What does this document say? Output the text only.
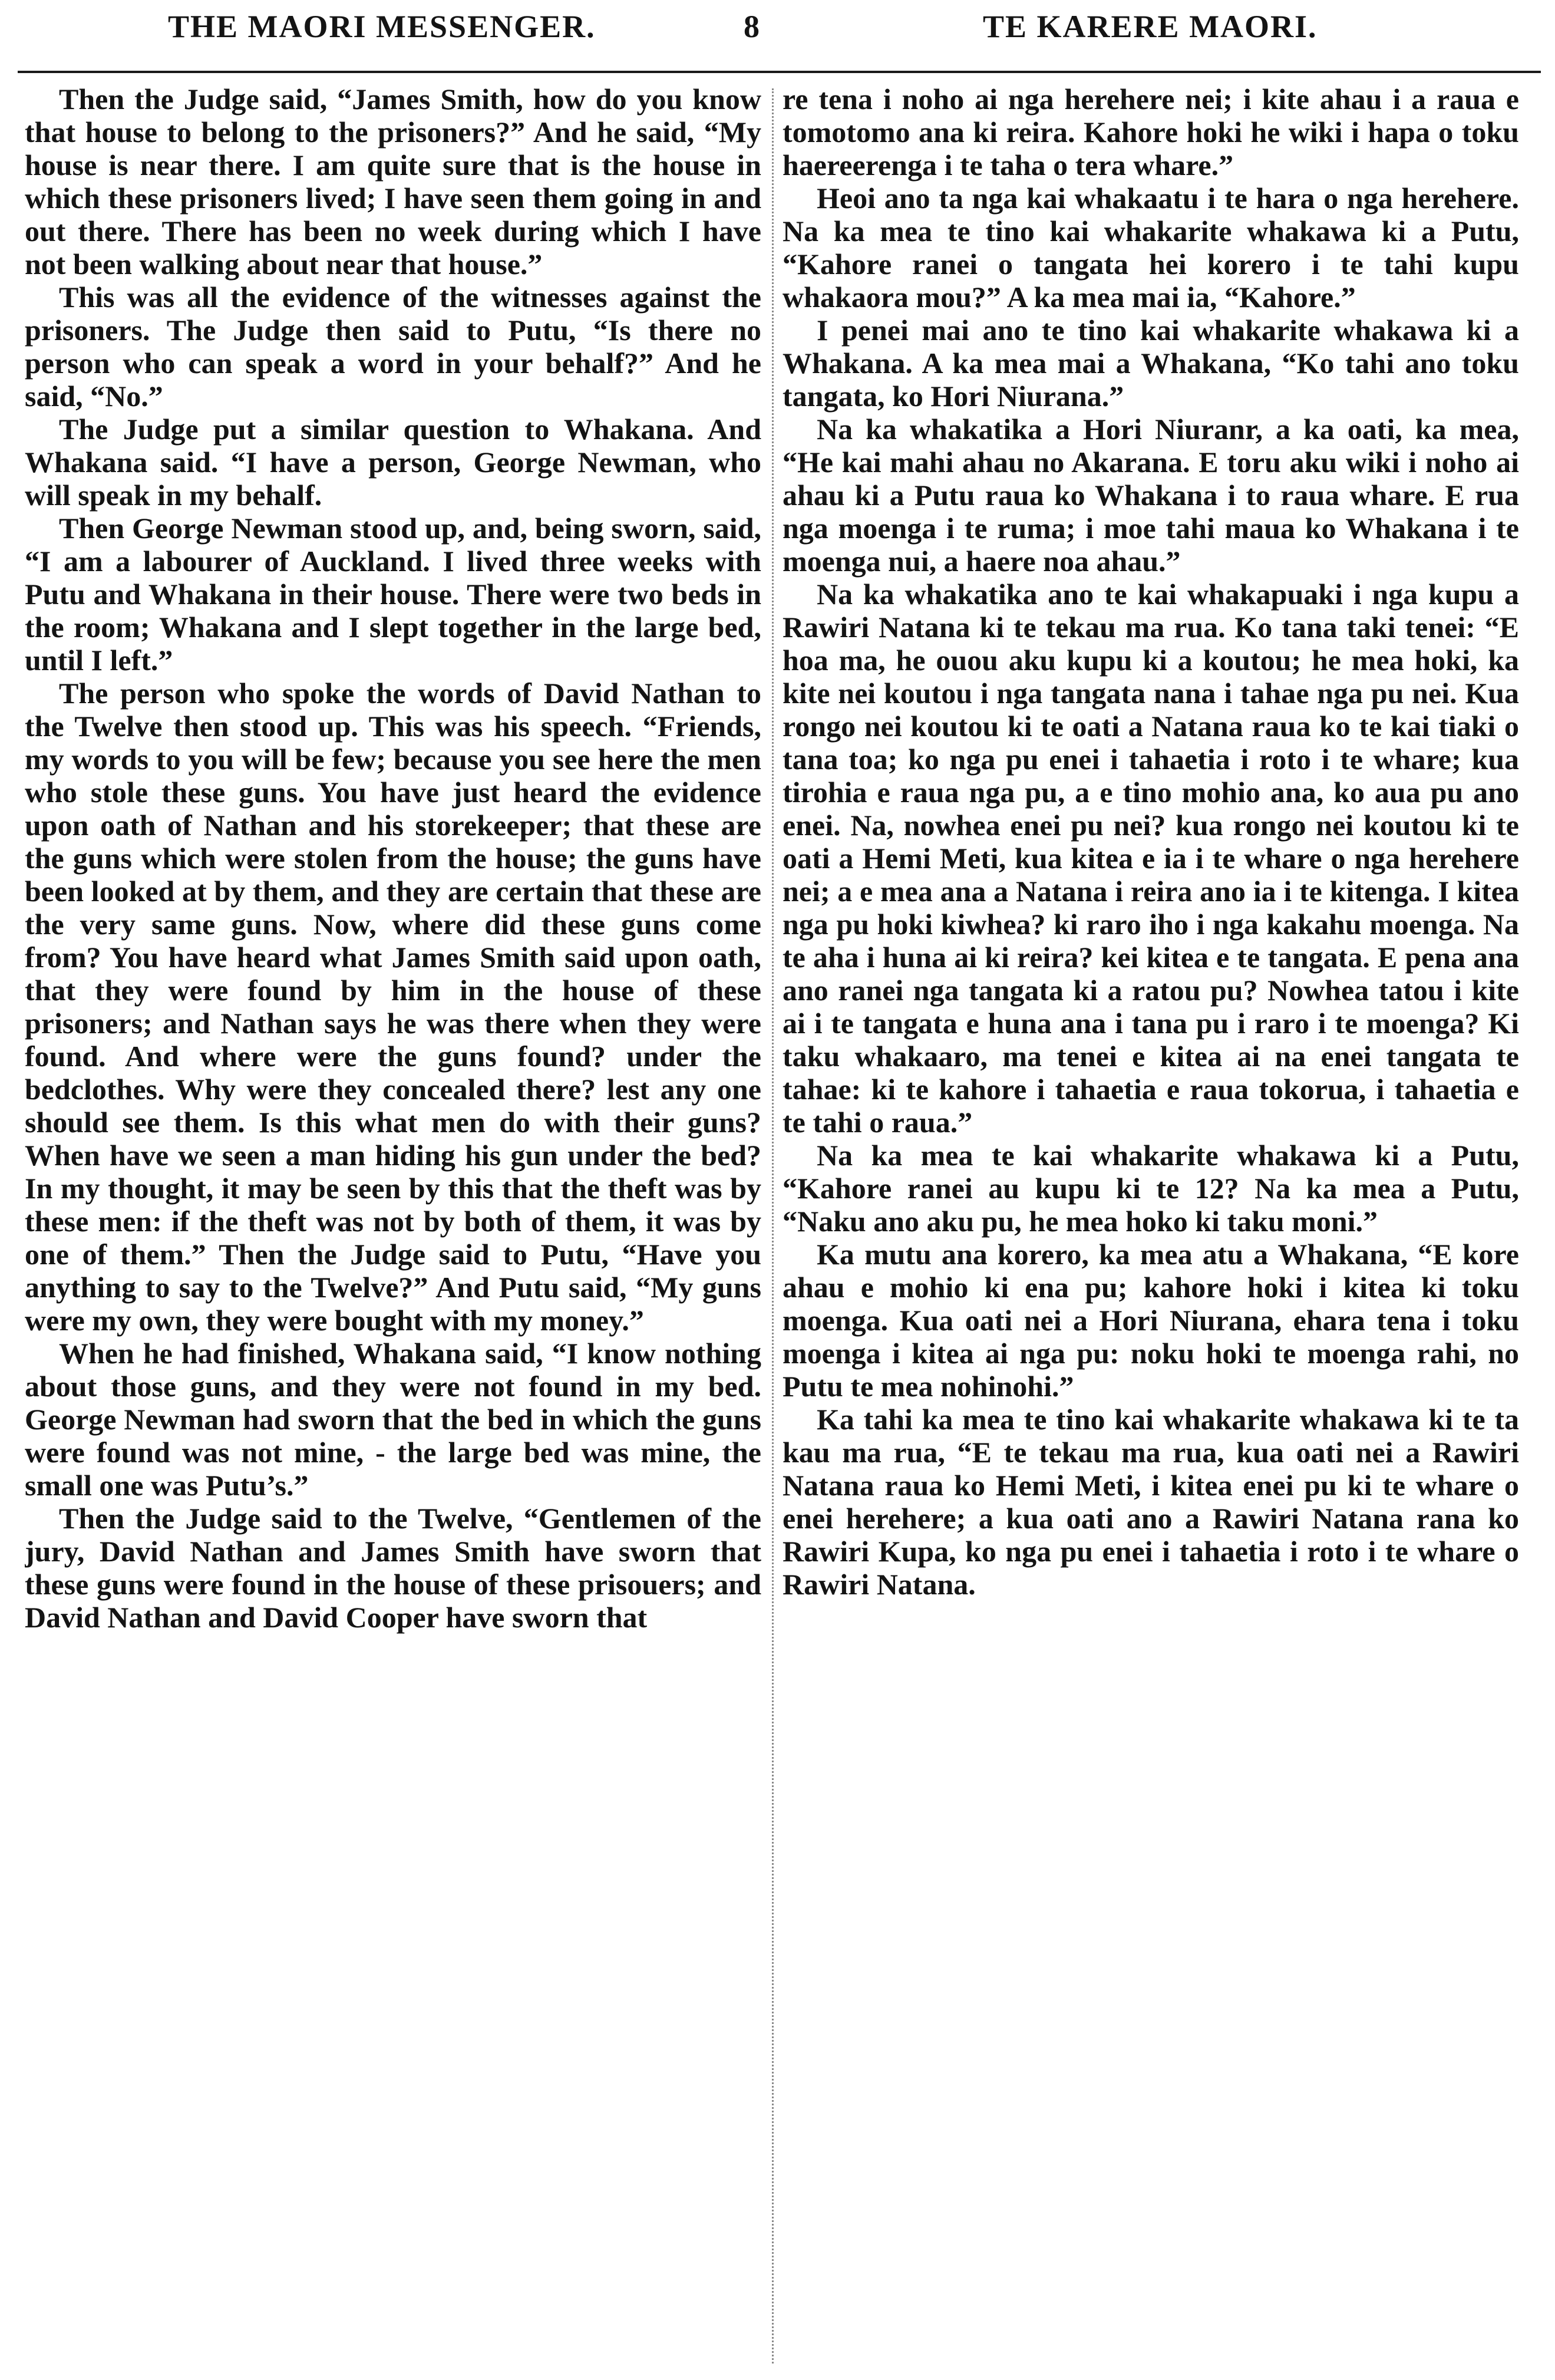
THE MAORI MESSENGER.	8	TE KARERE MAORI.

Then the Judge said, “James Smith, how do you know that house to belong to the prisoners?” And he said, “My house is near there. I am quite sure that is the house in which these prisoners lived; I have seen them going in and out there. There has been no week during which I have not been walking about near that house.”

This was all the evidence of the witnesses against the prisoners. The Judge then said to Putu, “Is there no person who can speak a word in your behalf?” And he said, “No.”

The Judge put a similar question to Whakana. And Whakana said. “I have a person, George Newman, who will speak in my behalf.

Then George Newman stood up, and, being sworn, said, “I am a labourer of Auckland. I lived three weeks with Putu and Whakana in their house. There were two beds in the room; Whakana and I slept together in the large bed, until I left.”

The person who spoke the words of David Nathan to the Twelve then stood up. This was his speech. “Friends, my words to you will be few; because you see here the men who stole these guns. You have just heard the evidence upon oath of Nathan and his storekeeper; that these are the guns which were stolen from the house; the guns have been looked at by them, and they are certain that these are the very same guns. Now, where did these guns come from? You have heard what James Smith said upon oath, that they were found by him in the house of these prisoners; and Nathan says he was there when they were found. And where were the guns found? under the bedclothes. Why were they concealed there? lest any one should see them. Is this what men do with their guns? When have we seen a man hiding his gun under the bed? In my thought, it may be seen by this that the theft was by these men: if the theft was not by both of them, it was by one of them.” Then the Judge said to Putu, “Have you anything to say to the Twelve?” And Putu said, “My guns were my own, they were bought with my money.”

When he had finished, Whakana said, “I know nothing about those guns, and they were not found in my bed. George Newman had sworn that the bed in which the guns were found was not mine, - the large bed was mine, the small one was Putu’s.”

Then the Judge said to the Twelve, “Gentlemen of the jury, David Nathan and James Smith have sworn that these guns were found in the house of these prisouers; and David Nathan and David Cooper have sworn that

re tena i noho ai nga herehere nei; i kite ahau i a raua e tomotomo ana ki reira. Kahore hoki he wiki i hapa o toku haereerenga i te taha o tera whare.”

Heoi ano ta nga kai whakaatu i te hara o nga herehere. Na ka mea te tino kai whakarite whakawa ki a Putu, “Kahore ranei o tangata hei korero i te tahi kupu whakaora mou?” A ka mea mai ia, “Kahore.”

I penei mai ano te tino kai whakarite whakawa ki a Whakana. A ka mea mai a Whakana, “Ko tahi ano toku tangata, ko Hori Niurana.”

Na ka whakatika a Hori Niuranr, a ka oati, ka mea, “He kai mahi ahau no Akarana. E toru aku wiki i noho ai ahau ki a Putu raua ko Whakana i to raua whare. E rua nga moenga i te ruma; i moe tahi maua ko Whakana i te moenga nui, a haere noa ahau.”

Na ka whakatika ano te kai whakapuaki i nga kupu a Rawiri Natana ki te tekau ma rua. Ko tana taki tenei: “E hoa ma, he ouou aku kupu ki a koutou; he mea hoki, ka kite nei koutou i nga tangata nana i tahae nga pu nei. Kua rongo nei koutou ki te oati a Natana raua ko te kai tiaki o tana toa; ko nga pu enei i tahaetia i roto i te whare; kua tirohia e raua nga pu, a e tino mohio ana, ko aua pu ano enei. Na, nowhea enei pu nei? kua rongo nei koutou ki te oati a Hemi Meti, kua kitea e ia i te whare o nga herehere nei; a e mea ana a Natana i reira ano ia i te kitenga. I kitea nga pu hoki kiwhea? ki raro iho i nga kakahu moenga. Na te aha i huna ai ki reira? kei kitea e te tangata. E pena ana ano ranei nga tangata ki a ratou pu? Nowhea tatou i kite ai i te tangata e huna ana i tana pu i raro i te moenga? Ki taku whakaaro, ma tenei e kitea ai na enei tangata te tahae: ki te kahore i tahaetia e raua tokorua, i tahaetia e te tahi o raua.”

Na ka mea te kai whakarite whakawa ki a Putu, “Kahore ranei au kupu ki te 12? Na ka mea a Putu, “Naku ano aku pu, he mea hoko ki taku moni.”

Ka mutu ana korero, ka mea atu a Whakana, “E kore ahau e mohio ki ena pu; kahore hoki i kitea ki toku moenga. Kua oati nei a Hori Niurana, ehara tena i toku moenga i kitea ai nga pu: noku hoki te moenga rahi, no Putu te mea nohinohi.”

Ka tahi ka mea te tino kai whakarite whakawa ki te ta kau ma rua, “E te tekau ma rua, kua oati nei a Rawiri Natana raua ko Hemi Meti, i kitea enei pu ki te whare o enei herehere; a kua oati ano a Rawiri Natana rana ko Rawiri Kupa, ko nga pu enei i tahaetia i roto i te whare o Rawiri Natana.
